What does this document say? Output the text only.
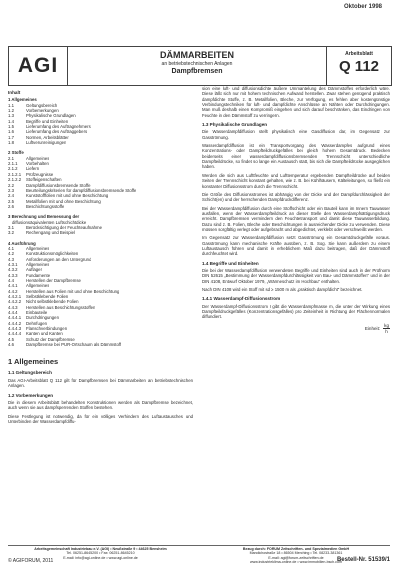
Oktober 1998
AGI	DÄMMARBEITEN
an betriebstechnischen Anlagen
Dampfbremsen
Arbeitsblatt
Q 112
Inhalt
1 Allgemeines
1.1	Geltungsbereich
1.2	Vorbemerkungen
1.3	Physikalische Grundlagen
1.4	Begriffe und Einheiten
1.5	Lieferumfang des Auftragnehmers
1.6	Lieferumfang des Auftraggebers
1.7	Normen, Arbeitsblätter
1.8	Luftverunreinigungen
2 Stoffe
2.1	Allgemeines
2.1.1	Vorbehalten
2.1.2	Liefern
2.1.2.1	Prüfzeugnisse
2.1.2.2	Stoffeigenschaften
2.2	Dampfdiffusionsbremsende Stoffe
2.3	Beurteilungskriterien für dampfdiffusionsbremsende Stoffe
2.4	Kunststofffolien mit und ohne Beschichtung
2.5	Metallfolien mit und ohne Beschichtung
2.6	Beschichtungsstoffe
3 Berechnung und Bemessung der
diffusionsäquivalenten Luftschichtdicke
3.1	Berücksichtigung der Feuchteaufnahme
3.2	Rechengang und Beispiel
4 Ausführung
4.1	Allgemeines
4.2	Konstruktionsmöglichkeiten
4.3	Anforderungen an den Untergrund
4.3.1	Allgemeines
4.3.2	Auflager
4.3.3	Fundamente
4.4	Herstellen der Dampfbremse
4.4.1	Allgemeines
4.4.2	Herstellen aus Folien mit und ohne Beschichtung
4.4.2.1	Selbstklebende Folien
4.4.2.2	Nicht selbstklebende Folien
4.4.3	Herstellen aus Beschichtungsstoffen
4.4.4	Einbauteile
4.4.4.1	Durchdringungen
4.4.4.2	Dehnfugen
4.4.4.3	Flanschverbindungen
4.4.4.4	Kanten und Kanten
4.5	Schutz der Dampfbremse
4.6	Dampfbremse bei PUR-Ortschaum als Dämmstoff
1 Allgemeines
1.1 Geltungsbereich

Das AGI-Arbeitsblatt Q 112 gilt für Dampfbremsen bei Dämmarbeiten an betriebstechnischen Anlagen.

1.2 Vorbemerkungen

Die in diesem Arbeitsblatt behandelten Konstruktionen werden als Dampfbremse bezeichnet, auch wenn sie aus dampfsperrenden Stoffen bestehen.

Diese Festlegung ist notwendig, da für ein völliges Verhindern des Luftaustausches und Unterbinden der Wasserdampfdiffu-

sion eine luft- und diffusionsdichte äußere Ummantelung des Dämmstoffes erforderlich wäre. Diese läßt sich nur mit hohem technischen Aufwand herstellen. Zwar stehen genügend praktisch dampfdichte Stoffe, z. B. Metallfolien, Bleche, zur Verfügung, es fehlen aber kostengünstige Verbindungstechniken für luft- und dampfdichte Anschlüsse an Nähten oder Durchdringungen. Man muß deshalb einen Kompromiß eingehen und sich darauf beschränken, das Eindringen von Feuchte in den Dämmstoff zu verringern.

1.3 Physikalische Grundlagen

Die Wasserdampfdiffusion stellt physikalisch eine Gasdiffusion dar, im Gegensatz zur Gasströmung.

Wasserdampfdiffusion ist ein Transportvorgang des Wasserdampfes aufgrund eines Konzentrations- oder Dampfteildruckgefälles bei gleich hohem Gesamtdruck. Bedecken beiderseits einer wasserdampfdiffusionsbremsenden Trennschicht unterschiedliche Dampfteildrücke, so findet so lange ein Austausch statt, bis sich die Dampfteildrücke ausgeglichen haben.

Werden die sich aus Lufttfeuchte und Lufttemperatur ergebenden Dampfteildrücke auf beiden Seiten der Trennschicht konstant gehalten, wie z. B. bei Kühlhäusern, Kälteleitungen, so fließt ein konstanter Diffusionsstrom durch die Trennschicht.

Die Größe des Diffusionsstromes ist abhängig von der Dicke und der Dampfdurchlässigkeit der Schicht(en) und der herrschenden Dampfdruckdifferenz.

Bei der Wasserdampfdiffusion durch eine Stoffschicht oder ein Bauteil kann im Innern Tauwasser ausfallen, wenn der Wasserdampfteildruck an dieser Stelle den Wasserdampfsättigungsdruck erreicht. Dampfbremsen vermindern den Feuchtetransport und damit diese Tauwasserbildung. Dazu sind z. B. Folien, Bleche oder Beschichtungen in ausreichender Dicke zu verwenden. Diese müssen sorgfältig verlegt oder aufgebracht und abgedichtet, verklebt oder verschweißt werden.

Im Gegensatz zur Wasserdampfdiffusion setzt Gasströmung ein Gesamtdruckgefälle voraus. Gasströmung kann mechanische Kräfte ausüben, z. B. Sog. Sie kann außerdem zu einem Luftaustausch führen und damit in erheblichem Maß dazu beitragen, daß der Dämmstoff durchfeuchtet wird.

1.4 Begriffe und Einheiten

Die bei der Wasserdampfdiffusion verwendeten Begriffe und Einheiten sind auch in der Prüfnorm DIN 52615 „Bestimmung der Wasserdampfdurchlässigkeit von Bau- und Dämmstoffen" und in der DIN 4108, Entwurf Oktober 1979, „Wärmeschutz im Hochbau" enthalten.

Nach DIN 4108 wird ein Stoff mit sd ≥ 1500 m als „praktisch dampfdicht" bezeichnet.

1.4.1 Wasserdampf-Diffusionsstrom

Der Wasserdampf-Diffusionsstrom I gibt die Wasserdampfmasse m, die unter der Wirkung eines Dampfteildruckgefälles (Konzentrationsgefälles) pro Zeiteinheit in Richtung der Flächennormalen diffundiert.

Einheit: $\frac{kg}{h}$
Arbeitsgemeinschaft Industriebau e.V. (AGI) • Neußstraße 9 • 44625 Bensheim
Tel. 06251-8645200 • Fax: 06251-8645210
E-mail: info@agi-online.de • www.agi-online.de
Bezug durch: FORUM Zeitschriften- und Spezialmedien GmbH
Mandichostraße 18 • 86504 Merching • Tel. 08233-381361
E-mail: agi@forum-zeitschriften.de
www.industrieklima-online.de • www.immobilien-bsch.com
© AGIFORUM, 2011	Bestell-Nr. 51539/1
